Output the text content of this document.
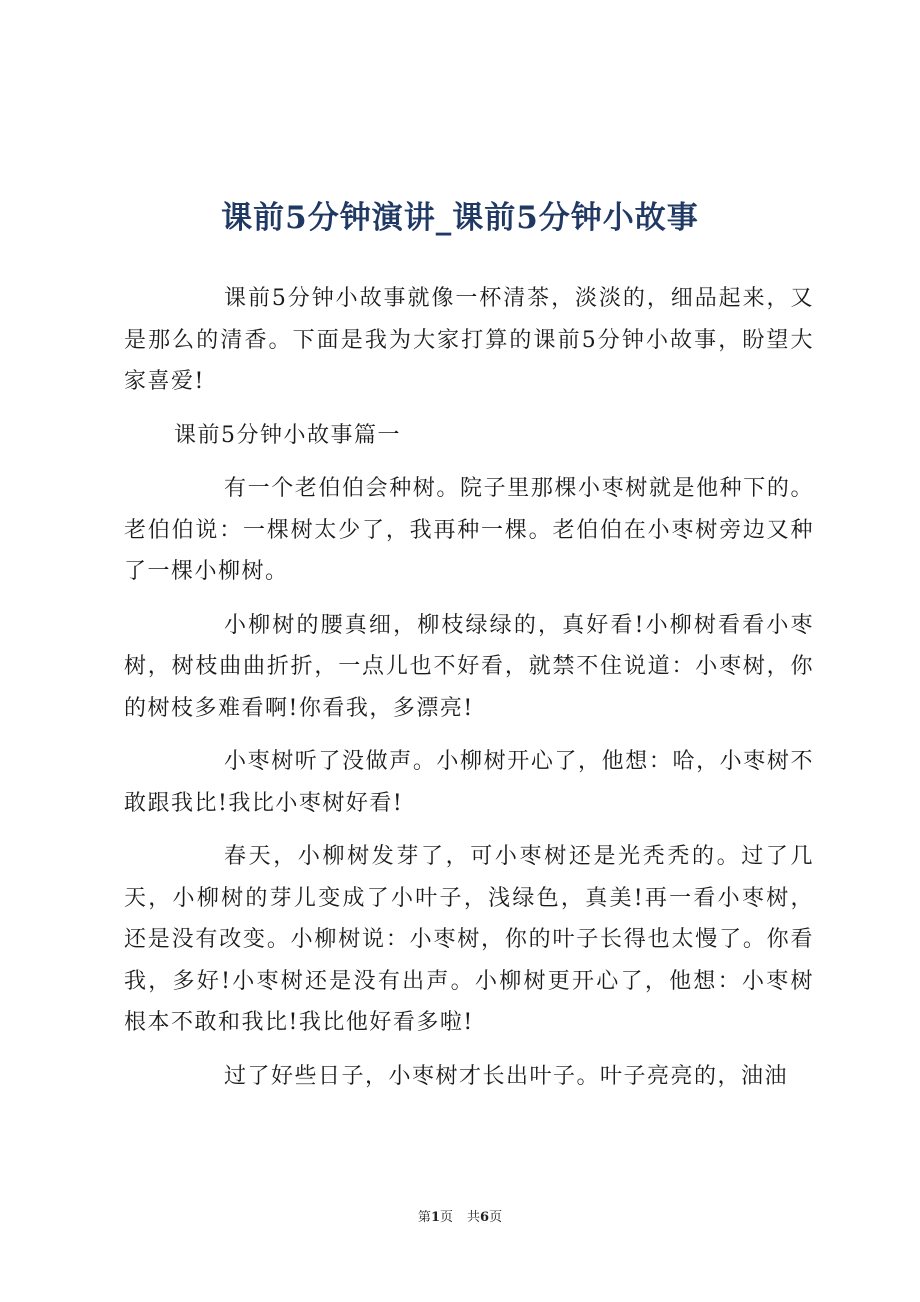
课前5分钟演讲_课前5分钟小故事

课前5分钟小故事就像一杯清茶，淡淡的，细品起来，又是那么的清香。下面是我为大家打算的课前5分钟小故事，盼望大家喜爱!

课前5分钟小故事篇一

有一个老伯伯会种树。院子里那棵小枣树就是他种下的。老伯伯说：一棵树太少了，我再种一棵。老伯伯在小枣树旁边又种了一棵小柳树。

小柳树的腰真细，柳枝绿绿的，真好看!小柳树看看小枣树，树枝曲曲折折，一点儿也不好看，就禁不住说道：小枣树，你的树枝多难看啊!你看我，多漂亮!

小枣树听了没做声。小柳树开心了，他想：哈，小枣树不敢跟我比!我比小枣树好看!

春天，小柳树发芽了，可小枣树还是光秃秃的。过了几天，小柳树的芽儿变成了小叶子，浅绿色，真美!再一看小枣树，还是没有改变。小柳树说：小枣树，你的叶子长得也太慢了。你看我，多好!小枣树还是没有出声。小柳树更开心了，他想：小枣树根本不敢和我比!我比他好看多啦!

过了好些日子，小枣树才长出叶子。叶子亮亮的，油油

第1页 共6页
